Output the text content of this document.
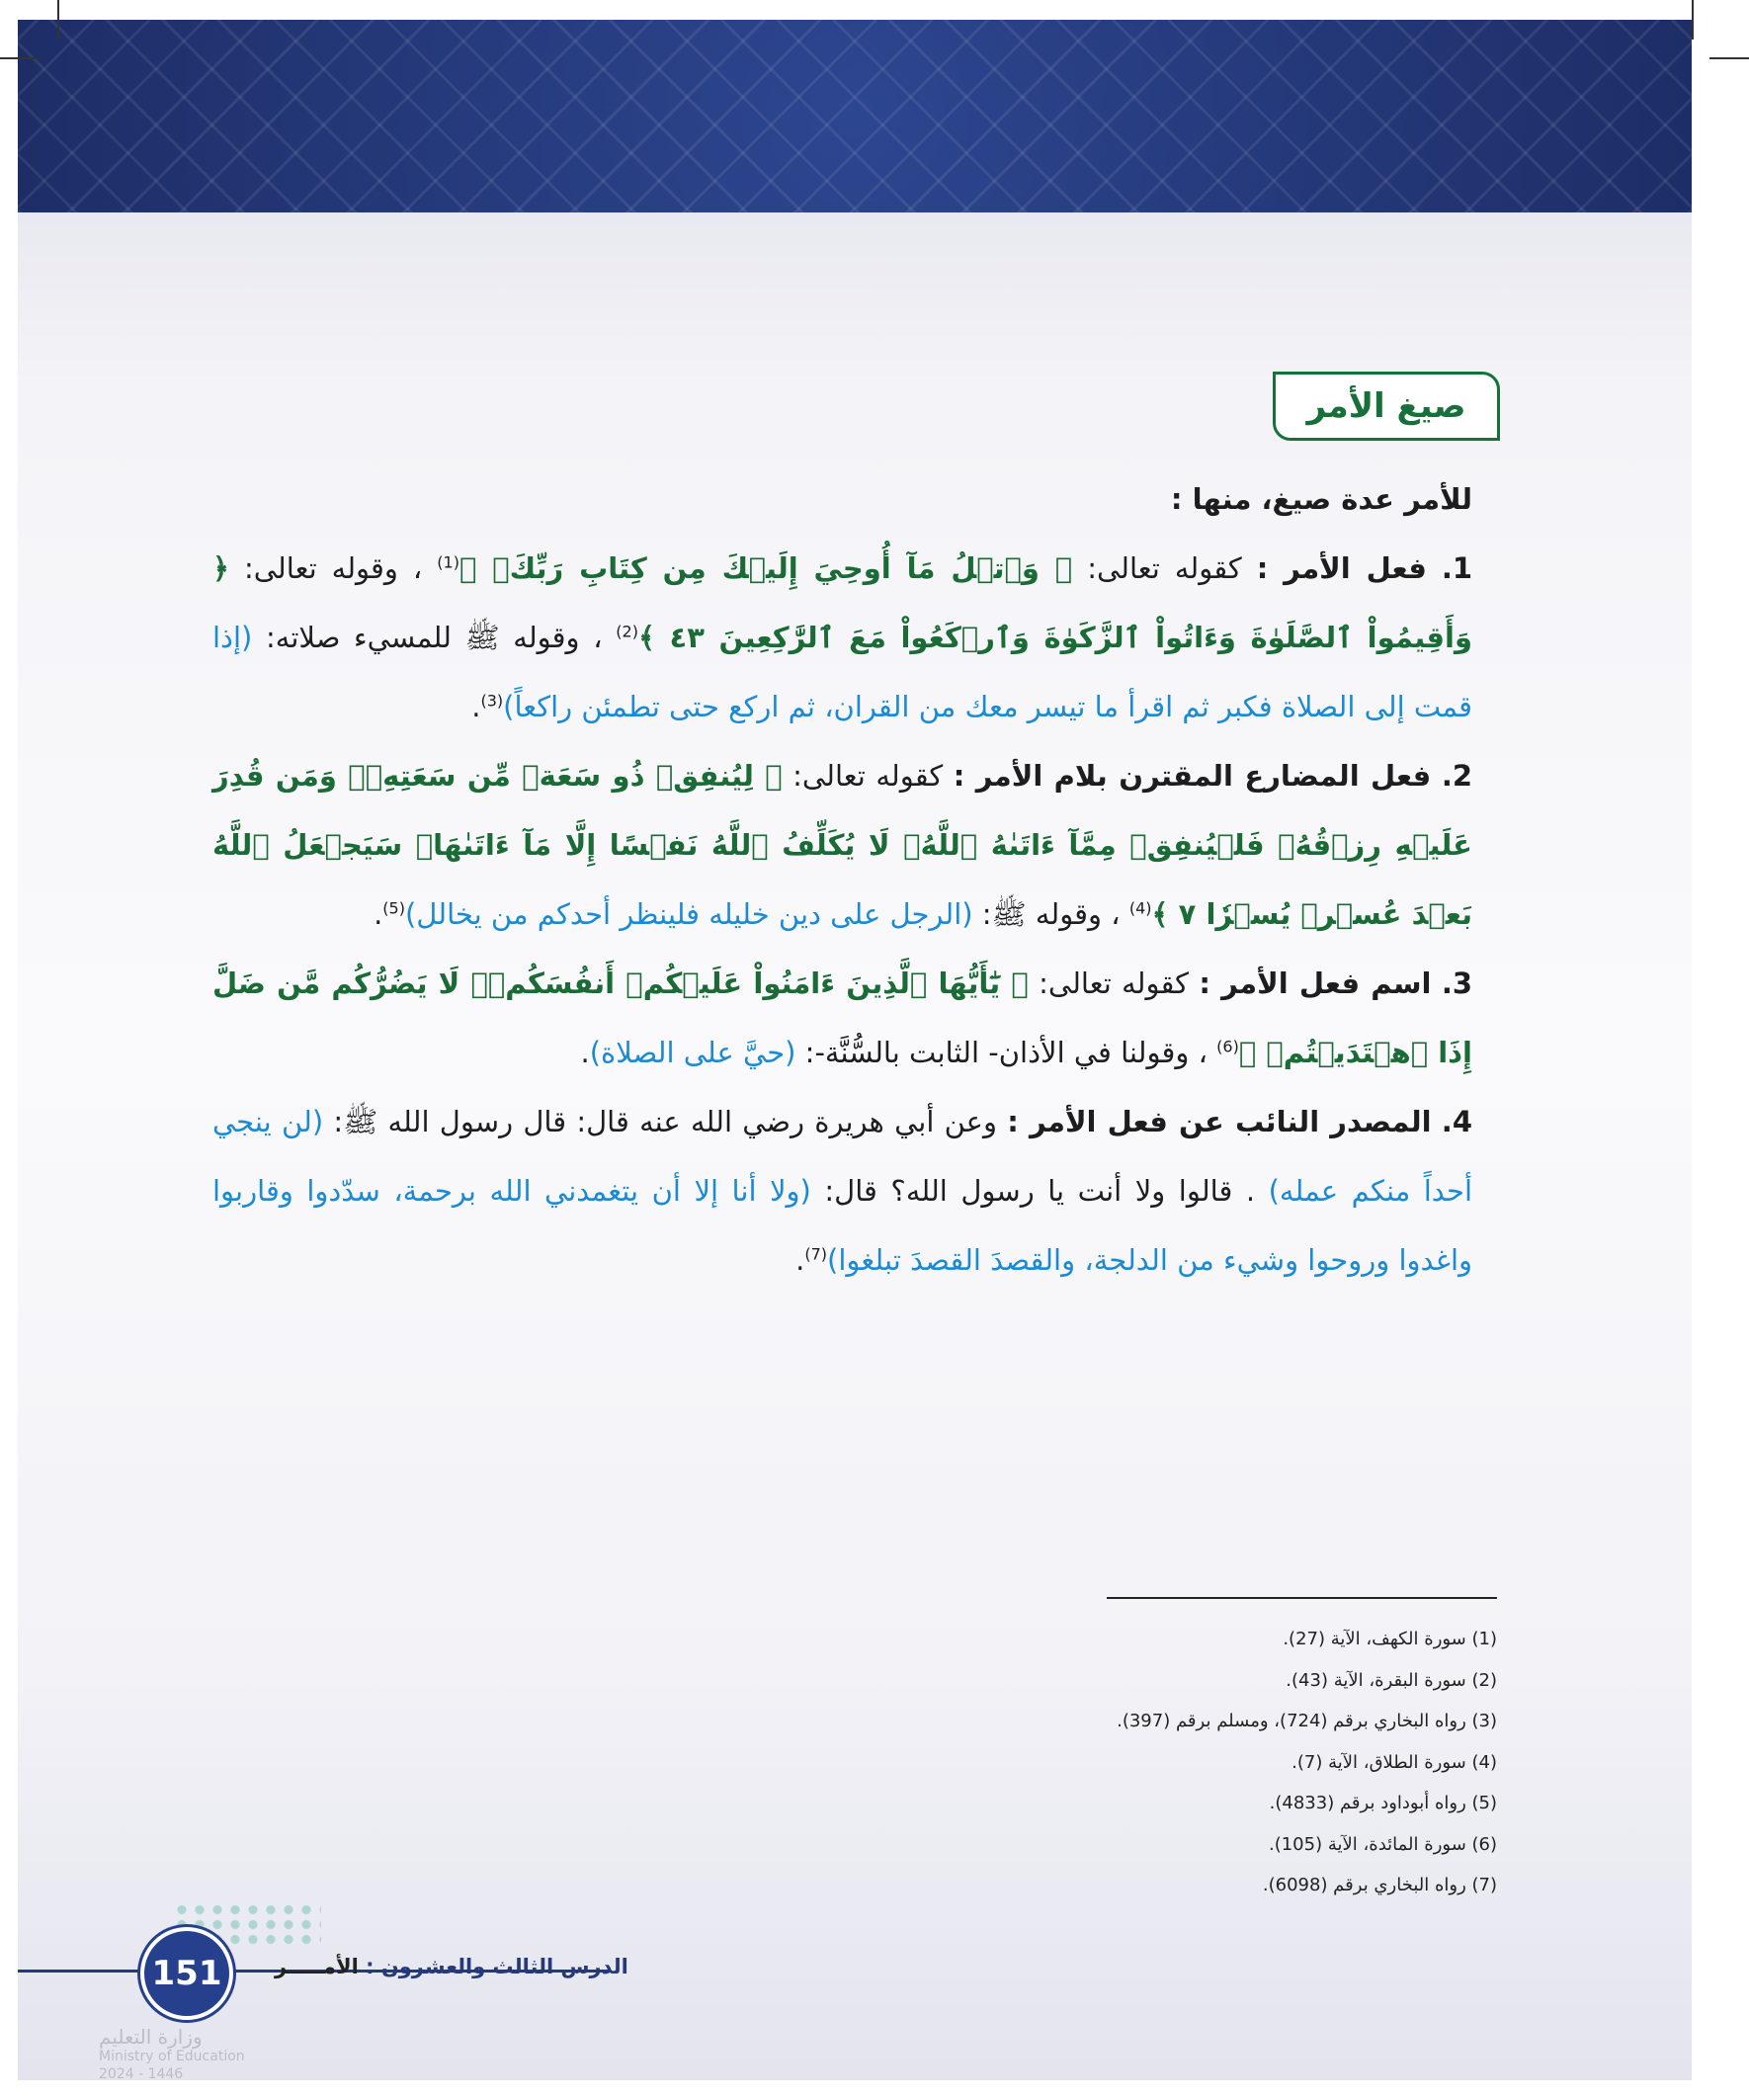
صيغ الأمر

للأمر عدة صيغ، منها :

1. فعل الأمر : كقوله تعالى: ﴿ وَٱتۡلُ مَآ أُوحِيَ إِلَيۡكَ مِن كِتَابِ رَبِّكَۖ ﴾$^{(1)}$ ، وقوله تعالى: ﴿ وَأَقِيمُواْ ٱلصَّلَوٰةَ وَءَاتُواْ ٱلزَّكَوٰةَ وَٱرۡكَعُواْ مَعَ ٱلرَّٰكِعِينَ ٤٣ ﴾$^{(2)}$ ، وقوله ﷺ للمسيء صلاته: (إذا قمت إلى الصلاة فكبر ثم اقرأ ما تيسر معك من القران، ثم اركع حتى تطمئن راكعاً)$^{(3)}$.

2. فعل المضارع المقترن بلام الأمر : كقوله تعالى: ﴿ لِيُنفِقۡ ذُو سَعَةٖ مِّن سَعَتِهِۦۖ وَمَن قُدِرَ عَلَيۡهِ رِزۡقُهُۥ فَلۡيُنفِقۡ مِمَّآ ءَاتَىٰهُ ٱللَّهُۚ لَا يُكَلِّفُ ٱللَّهُ نَفۡسًا إِلَّا مَآ ءَاتَىٰهَاۚ سَيَجۡعَلُ ٱللَّهُ بَعۡدَ عُسۡرٖ يُسۡرٗا ٧ ﴾$^{(4)}$ ، وقوله ﷺ: (الرجل على دين خليله فلينظر أحدكم من يخالل)$^{(5)}$.

3. اسم فعل الأمر : كقوله تعالى: ﴿ يَٰٓأَيُّهَا ٱلَّذِينَ ءَامَنُواْ عَلَيۡكُمۡ أَنفُسَكُمۡۖ لَا يَضُرُّكُم مَّن ضَلَّ إِذَا ٱهۡتَدَيۡتُمۡ ﴾$^{(6)}$ ، وقولنا في الأذان- الثابت بالسُّنَّة-: (حيَّ على الصلاة).

4. المصدر النائب عن فعل الأمر : وعن أبي هريرة رضي الله عنه قال: قال رسول الله ﷺ: (لن ينجي أحداً منكم عمله) . قالوا ولا أنت يا رسول الله؟ قال: (ولا أنا إلا أن يتغمدني الله برحمة، سدّدوا وقاربوا واغدوا وروحوا وشيء من الدلجة، والقصدَ القصدَ تبلغوا)$^{(7)}$.

(1) سورة الكهف، الآية (27).
(2) سورة البقرة، الآية (43).
(3) رواه البخاري برقم (724)، ومسلم برقم (397).
(4) سورة الطلاق، الآية (7).
(5) رواه أبوداود برقم (4833).
(6) سورة المائدة، الآية (105).
(7) رواه البخاري برقم (6098).
151
وزارة التعليم
Ministry of Education
2024 - 1446
الدرس الثالث والعشرون : الأمـــــر
